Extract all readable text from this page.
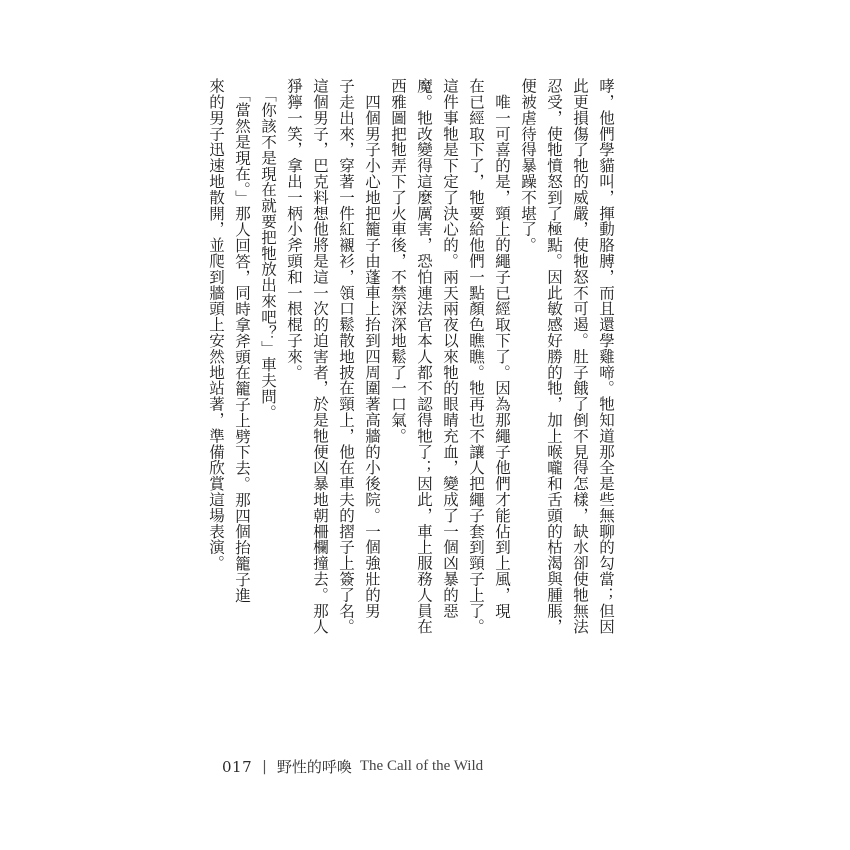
哮，他們學貓叫，揮動胳膊，而且還學雞啼。牠知道那全是些無聊的勾當；但因
此更損傷了牠的威嚴，使牠怒不可遏。肚子餓了倒不見得怎樣，缺水卻使牠無法
忍受，使牠憤怒到了極點。因此敏感好勝的牠，加上喉嚨和舌頭的枯渴與腫脹，
便被虐待得暴躁不堪了。
　唯一可喜的是，頸上的繩子已經取下了。因為那繩子他們才能佔到上風，現
在已經取下了，牠要給他們一點顏色瞧瞧。牠再也不讓人把繩子套到頸子上了。
這件事牠是下定了決心的。兩天兩夜以來牠的眼睛充血，變成了一個凶暴的惡
魔。牠改變得這麼厲害，恐怕連法官本人都不認得牠了；因此，車上服務人員在
西雅圖把牠弄下了火車後，不禁深深地鬆了一口氣。
　四個男子小心地把籠子由蓬車上抬到四周圍著高牆的小後院。一個強壯的男
子走出來，穿著一件紅襯衫，領口鬆散地披在頸上，他在車夫的摺子上簽了名。
這個男子，巴克料想他將是這一次的迫害者，於是牠便凶暴地朝柵欄撞去。那人
猙獰一笑，拿出一柄小斧頭和一根棍子來。
　「你該不是現在就要把牠放出來吧？」車夫問。
　「當然是現在。」那人回答，同時拿斧頭在籠子上劈下去。那四個抬籠子進
來的男子迅速地散開，並爬到牆頭上安然地站著，準備欣賞這場表演。
017 | 野性的呼喚 The Call of the Wild
